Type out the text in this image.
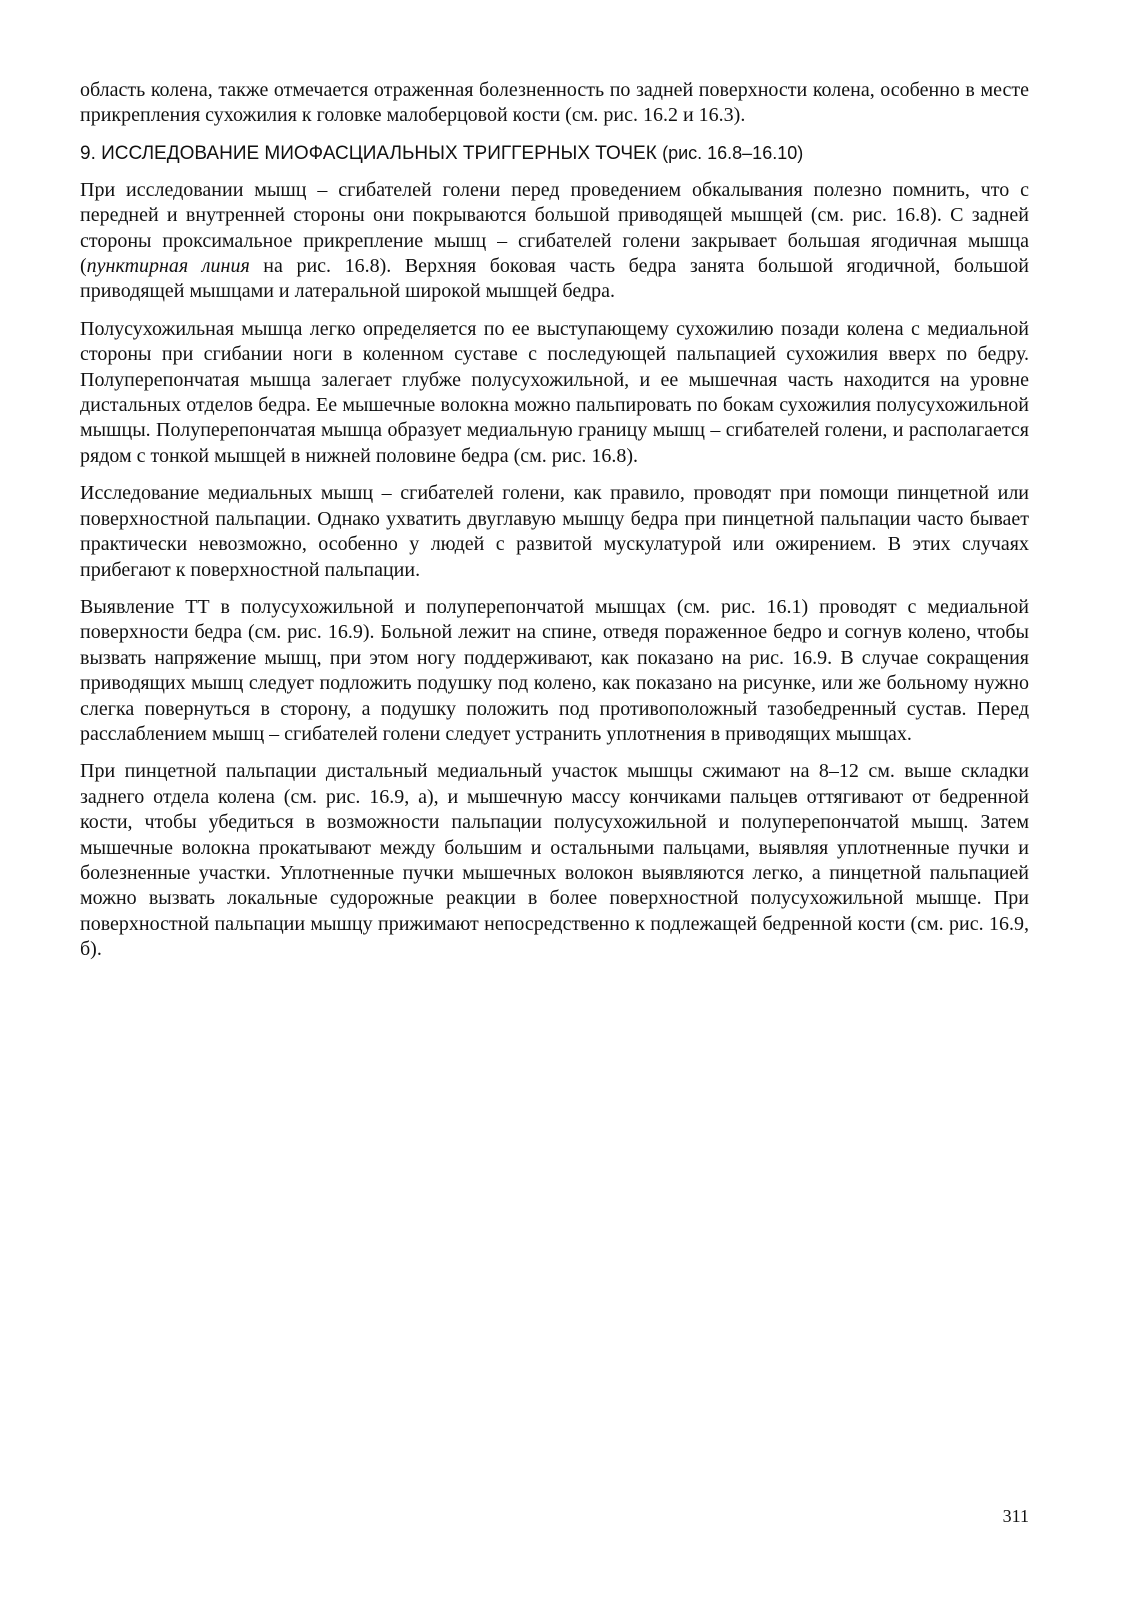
область колена, также отмечается отраженная болезненность по задней поверхности колена, особенно в месте прикрепления сухожилия к головке малоберцовой кости (см. рис. 16.2 и 16.3).

9. ИССЛЕДОВАНИЕ МИОФАСЦИАЛЬНЫХ ТРИГГЕРНЫХ ТОЧЕК (рис. 16.8–16.10)

При исследовании мышц – сгибателей голени перед проведением обкалывания полезно помнить, что с передней и внутренней стороны они покрываются большой приводящей мышцей (см. рис. 16.8). С задней стороны проксимальное прикрепление мышц – сгибателей голени закрывает большая ягодичная мышца (пунктирная линия на рис. 16.8). Верхняя боковая часть бедра занята большой ягодичной, большой приводящей мышцами и латеральной широкой мышцей бедра.

Полусухожильная мышца легко определяется по ее выступающему сухожилию позади колена с медиальной стороны при сгибании ноги в коленном суставе с последующей пальпацией сухожилия вверх по бедру. Полуперепончатая мышца залегает глубже полусухожильной, и ее мышечная часть находится на уровне дистальных отделов бедра. Ее мышечные волокна можно пальпировать по бокам сухожилия полусухожильной мышцы. Полуперепончатая мышца образует медиальную границу мышц – сгибателей голени, и располагается рядом с тонкой мышцей в нижней половине бедра (см. рис. 16.8).

Исследование медиальных мышц – сгибателей голени, как правило, проводят при помощи пинцетной или поверхностной пальпации. Однако ухватить двуглавую мышцу бедра при пинцетной пальпации часто бывает практически невозможно, особенно у людей с развитой мускулатурой или ожирением. В этих случаях прибегают к поверхностной пальпации.

Выявление ТТ в полусухожильной и полуперепончатой мышцах (см. рис. 16.1) проводят с медиальной поверхности бедра (см. рис. 16.9). Больной лежит на спине, отведя пораженное бедро и согнув колено, чтобы вызвать напряжение мышц, при этом ногу поддерживают, как показано на рис. 16.9. В случае сокращения приводящих мышц следует подложить подушку под колено, как показано на рисунке, или же больному нужно слегка повернуться в сторону, а подушку положить под противоположный тазобедренный сустав. Перед расслаблением мышц – сгибателей голени следует устранить уплотнения в приводящих мышцах.

При пинцетной пальпации дистальный медиальный участок мышцы сжимают на 8–12 см. выше складки заднего отдела колена (см. рис. 16.9, а), и мышечную массу кончиками пальцев оттягивают от бедренной кости, чтобы убедиться в возможности пальпации полусухожильной и полуперепончатой мышц. Затем мышечные волокна прокатывают между большим и остальными пальцами, выявляя уплотненные пучки и болезненные участки. Уплотненные пучки мышечных волокон выявляются легко, а пинцетной пальпацией можно вызвать локальные судорожные реакции в более поверхностной полусухожильной мышце. При поверхностной пальпации мышцу прижимают непосредственно к подлежащей бедренной кости (см. рис. 16.9, б).

311
